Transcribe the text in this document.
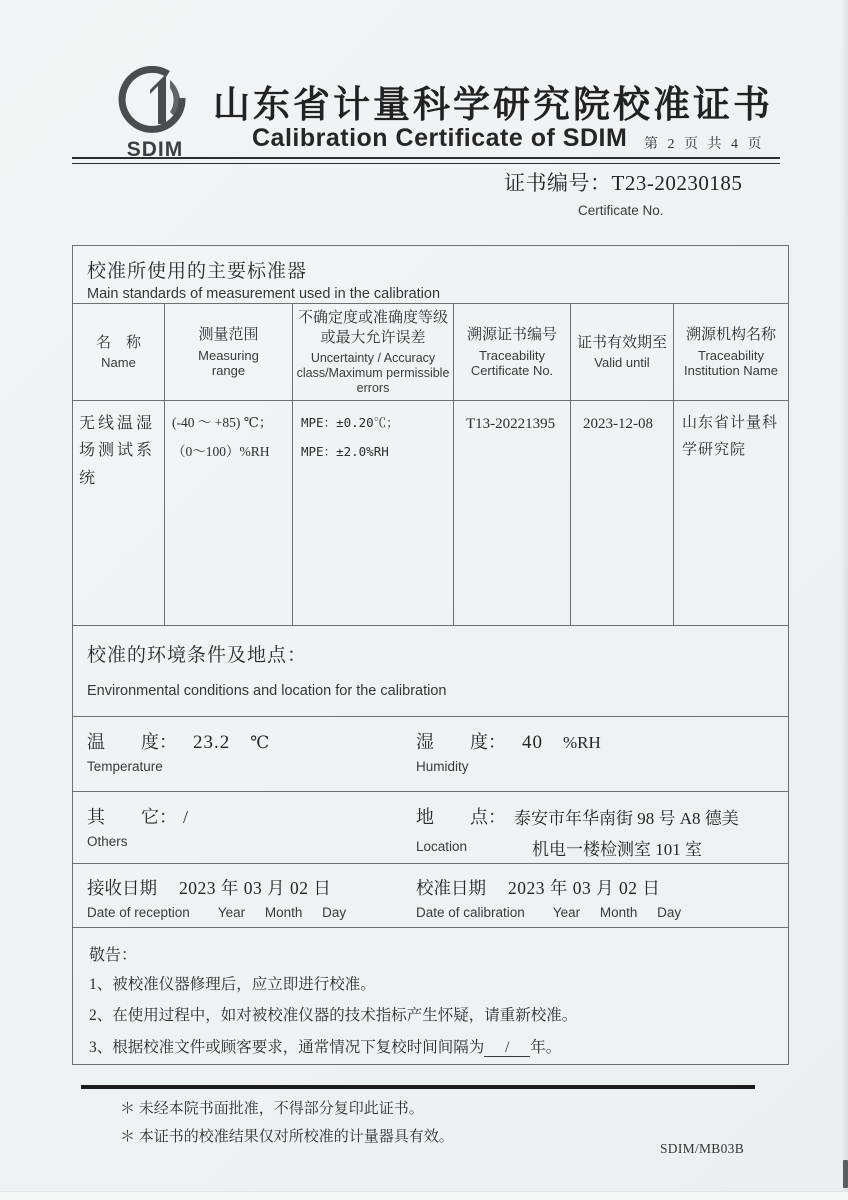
SDIM
山东省计量科学研究院校准证书
Calibration Certificate of SDIM 第 2 页 共 4 页
证书编号：T23-20230185
Certificate No.
校准所使用的主要标准器
Main standards of measurement used in the calibration
名　称
Name
测量范围
Measuring range
不确定度或准确度等级或最大允许误差
Uncertainty / Accuracy class/Maximum permissible errors
溯源证书编号
Traceability Certificate No.
证书有效期至
Valid until
溯源机构名称
Traceability Institution Name
无线温湿场测试系统
(-40 ～ +85) ℃；
（0～100）%RH
MPE：±0.20℃；
MPE：±2.0%RH
T13-20221395	2023-12-08	山东省计量科学研究院
校准的环境条件及地点：
Environmental conditions and location for the calibration
温　　度： 23.2 ℃
Temperature
湿　　度： 40 %RH
Humidity
其　　它： /
Others
地　　点：
Location
泰安市年华南街 98 号 A8 德美
机电一楼检测室 101 室
接收日期 2023 年 03 月 02 日
Date of reception Year Month Day
校准日期 2023 年 03 月 02 日
Date of calibration Year Month Day
敬告：
1、被校准仪器修理后，应立即进行校准。
2、在使用过程中，如对被校准仪器的技术指标产生怀疑，请重新校准。
3、根据校准文件或顾客要求，通常情况下复校时间间隔为 / 年。
＊ 未经本院书面批准，不得部分复印此证书。
＊ 本证书的校准结果仅对所校准的计量器具有效。
SDIM/MB03B
